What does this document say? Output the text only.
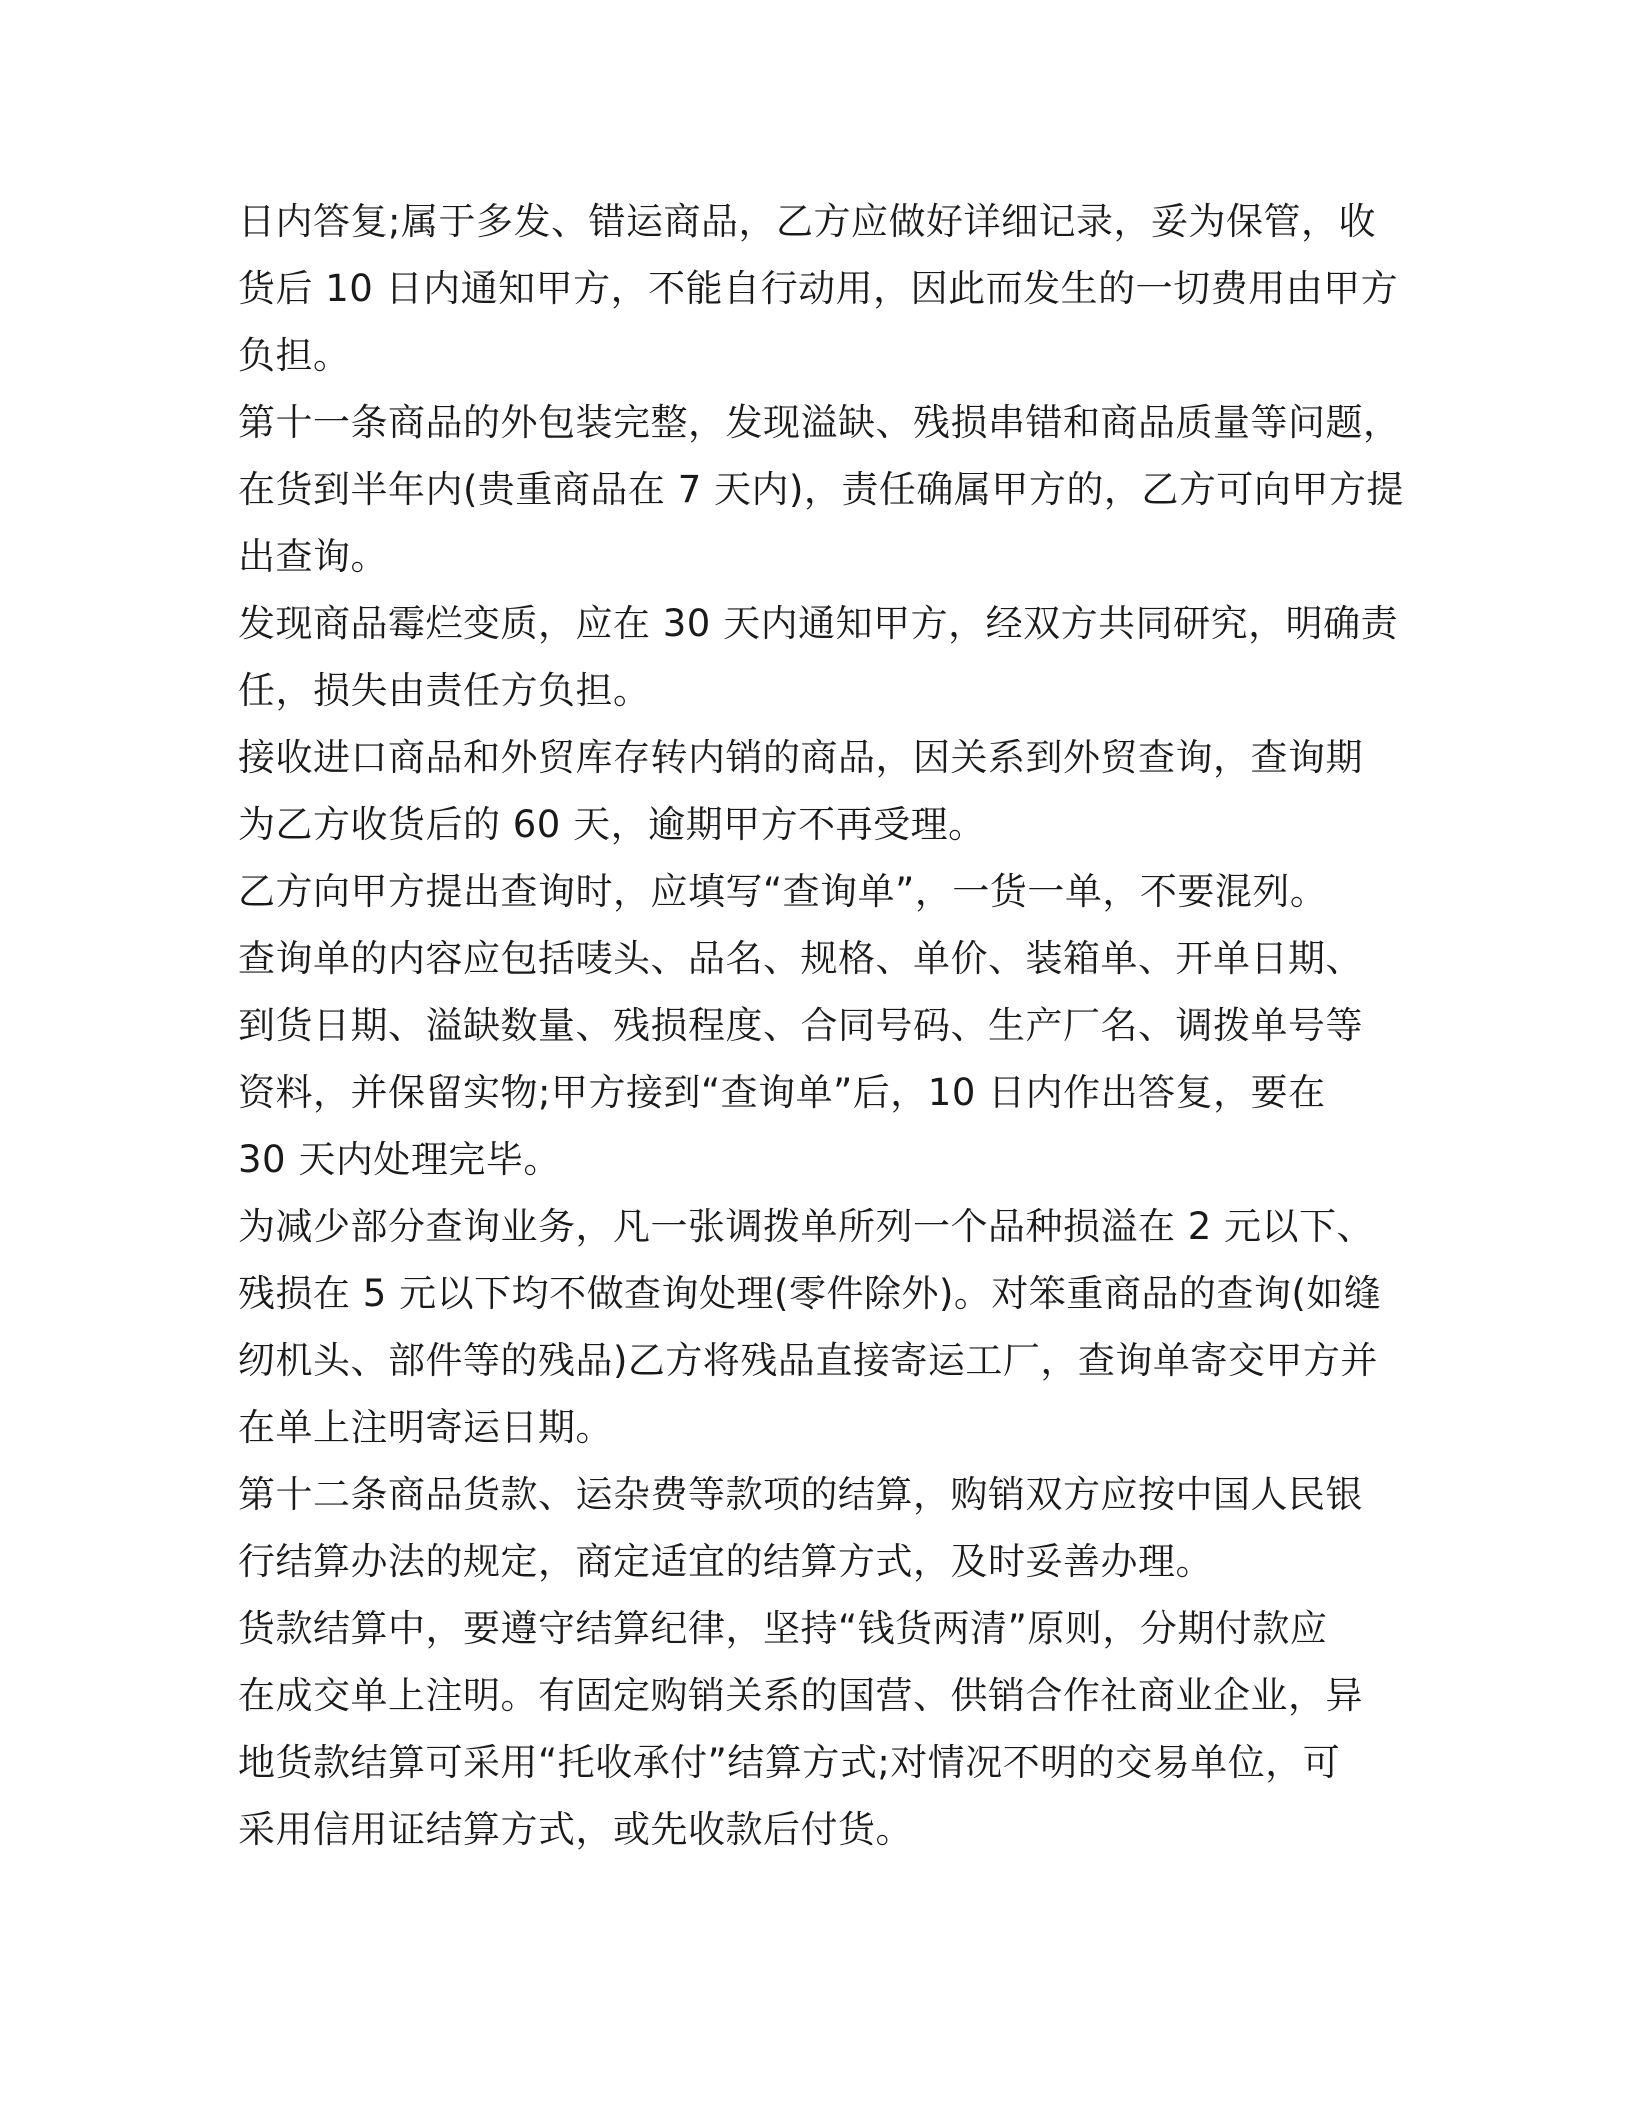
日内答复;属于多发、错运商品，乙方应做好详细记录，妥为保管，收
货后 10 日内通知甲方，不能自行动用，因此而发生的一切费用由甲方
负担。
第十一条商品的外包装完整，发现溢缺、残损串错和商品质量等问题，
在货到半年内(贵重商品在 7 天内)，责任确属甲方的，乙方可向甲方提
出查询。
发现商品霉烂变质，应在 30 天内通知甲方，经双方共同研究，明确责
任，损失由责任方负担。
接收进口商品和外贸库存转内销的商品，因关系到外贸查询，查询期
为乙方收货后的 60 天，逾期甲方不再受理。
乙方向甲方提出查询时，应填写“查询单”，一货一单，不要混列。
查询单的内容应包括唛头、品名、规格、单价、装箱单、开单日期、
到货日期、溢缺数量、残损程度、合同号码、生产厂名、调拨单号等
资料，并保留实物;甲方接到“查询单”后，10 日内作出答复，要在
30 天内处理完毕。
为减少部分查询业务，凡一张调拨单所列一个品种损溢在 2 元以下、
残损在 5 元以下均不做查询处理(零件除外)。对笨重商品的查询(如缝
纫机头、部件等的残品)乙方将残品直接寄运工厂，查询单寄交甲方并
在单上注明寄运日期。
第十二条商品货款、运杂费等款项的结算，购销双方应按中国人民银
行结算办法的规定，商定适宜的结算方式，及时妥善办理。
货款结算中，要遵守结算纪律，坚持“钱货两清”原则，分期付款应
在成交单上注明。有固定购销关系的国营、供销合作社商业企业，异
地货款结算可采用“托收承付”结算方式;对情况不明的交易单位，可
采用信用证结算方式，或先收款后付货。
